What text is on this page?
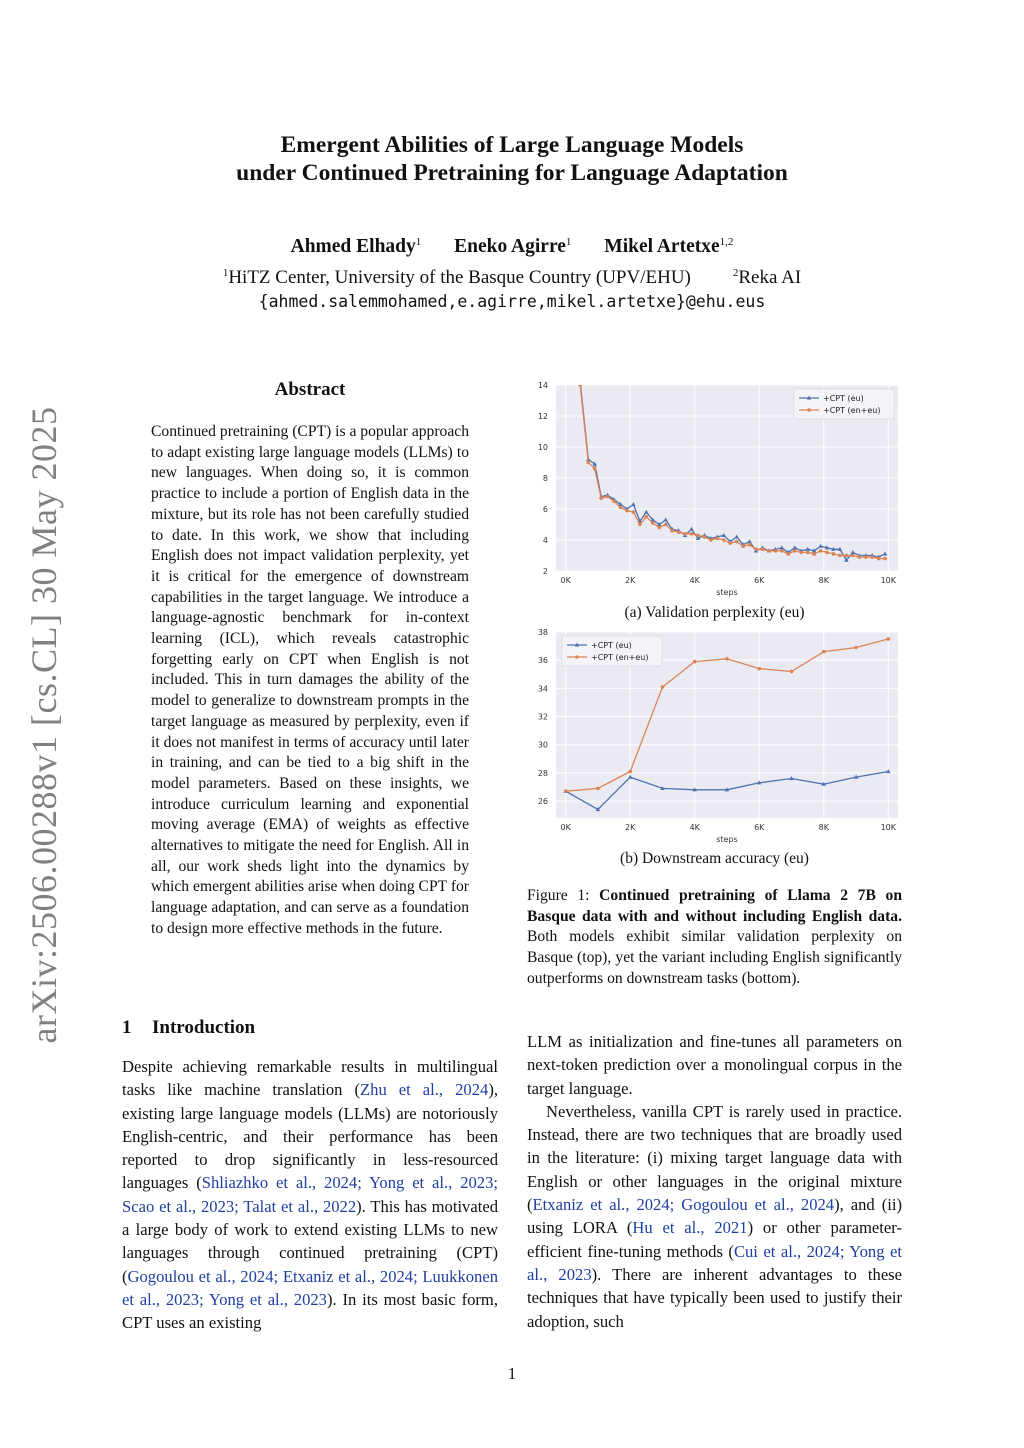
arXiv:2506.00288v1 [cs.CL] 30 May 2025
Emergent Abilities of Large Language Models
under Continued Pretraining for Language Adaptation
Ahmed Elhady$^1$ Eneko Agirre$^1$ Mikel Artetxe$^{1,2}$
$^1$HiTZ Center, University of the Basque Country (UPV/EHU)	$^2$Reka AI
{ahmed.salemmohamed,e.agirre,mikel.artetxe}@ehu.eus
Abstract
Continued pretraining (CPT) is a popular approach to adapt existing large language models (LLMs) to new languages. When doing so, it is common practice to include a portion of English data in the mixture, but its role has not been carefully studied to date. In this work, we show that including English does not impact validation perplexity, yet it is critical for the emergence of downstream capabilities in the target language. We introduce a language-agnostic benchmark for in-context learning (ICL), which reveals catastrophic forgetting early on CPT when English is not included. This in turn damages the ability of the model to generalize to downstream prompts in the target language as measured by perplexity, even if it does not manifest in terms of accuracy until later in training, and can be tied to a big shift in the model parameters. Based on these insights, we introduce curriculum learning and exponential moving average (EMA) of weights as effective alternatives to mitigate the need for English. All in all, our work sheds light into the dynamics by which emergent abilities arise when doing CPT for language adaptation, and can serve as a foundation to design more effective methods in the future.
2
4
6
8
10
12
14
0K	2K	4K	6K	8K	10K
steps
+CPT (eu)
+CPT (en+eu)
(a) Validation perplexity (eu)
26
28
30
32
34
36
38
0K	2K	4K	6K	8K	10K
steps
+CPT (eu)
+CPT (en+eu)
(b) Downstream accuracy (eu)
Figure 1: Continued pretraining of Llama 2 7B on Basque data with and without including English data. Both models exhibit similar validation perplexity on Basque (top), yet the variant including English significantly outperforms on downstream tasks (bottom).
1 Introduction

Despite achieving remarkable results in multilingual tasks like machine translation (Zhu et al., 2024), existing large language models (LLMs) are notoriously English-centric, and their performance has been reported to drop significantly in less-resourced languages (Shliazhko et al., 2024; Yong et al., 2023; Scao et al., 2023; Talat et al., 2022). This has motivated a large body of work to extend existing LLMs to new languages through continued pretraining (CPT) (Gogoulou et al., 2024; Etxaniz et al., 2024; Luukkonen et al., 2023; Yong et al., 2023). In its most basic form, CPT uses an existing

LLM as initialization and fine-tunes all parameters on next-token prediction over a monolingual corpus in the target language.

Nevertheless, vanilla CPT is rarely used in practice. Instead, there are two techniques that are broadly used in the literature: (i) mixing target language data with English or other languages in the original mixture (Etxaniz et al., 2024; Gogoulou et al., 2024), and (ii) using LORA (Hu et al., 2021) or other parameter-efficient fine-tuning methods (Cui et al., 2024; Yong et al., 2023). There are inherent advantages to these techniques that have typically been used to justify their adoption, such

1
